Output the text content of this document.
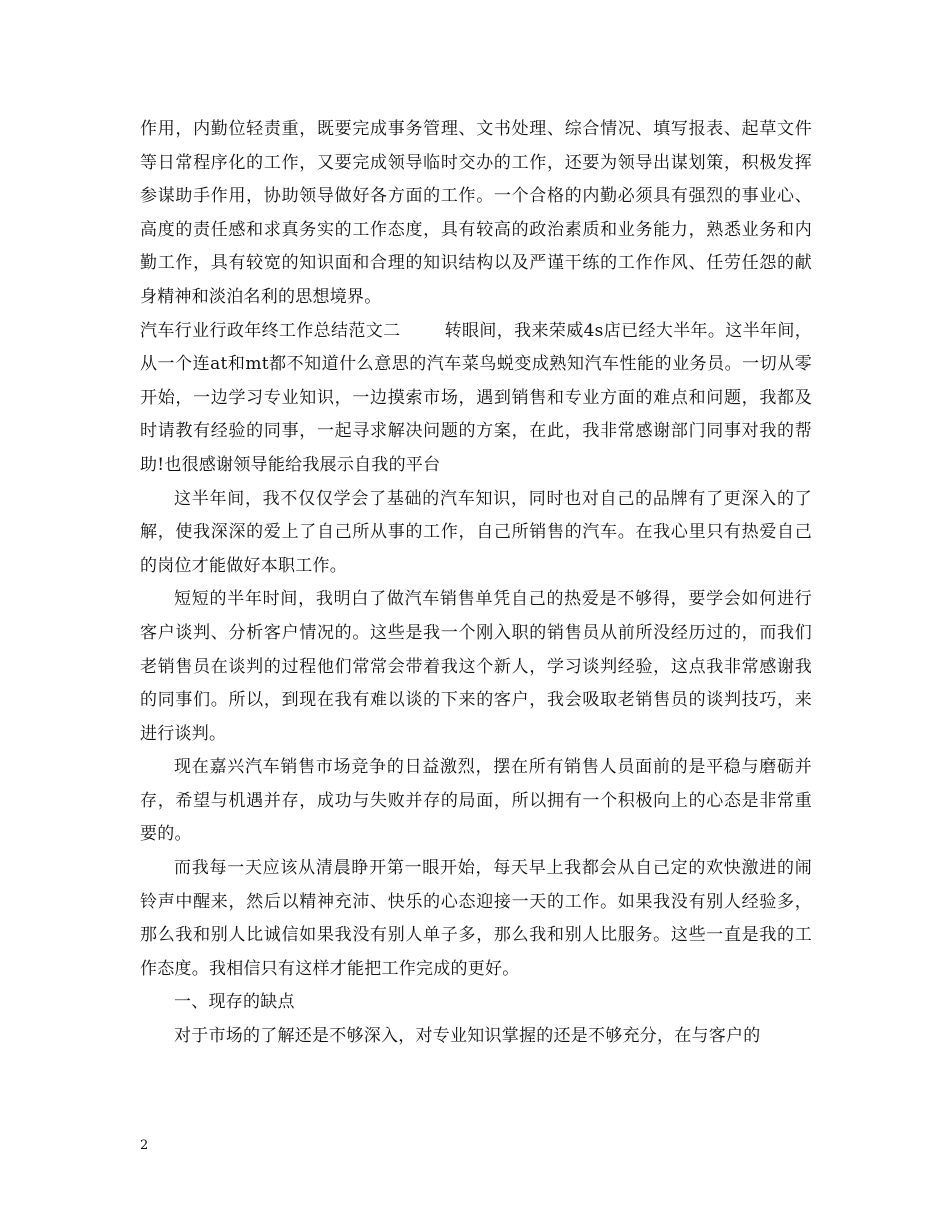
作用，内勤位轻责重，既要完成事务管理、文书处理、综合情况、填写报表、起草文件等日常程序化的工作，又要完成领导临时交办的工作，还要为领导出谋划策，积极发挥参谋助手作用，协助领导做好各方面的工作。一个合格的内勤必须具有强烈的事业心、高度的责任感和求真务实的工作态度，具有较高的政治素质和业务能力，熟悉业务和内勤工作，具有较宽的知识面和合理的知识结构以及严谨干练的工作作风、任劳任怨的献身精神和淡泊名利的思想境界。

汽车行业行政年终工作总结范文二	转眼间，我来荣威4s店已经大半年。这半年间，从一个连at和mt都不知道什么意思的汽车菜鸟蜕变成熟知汽车性能的业务员。一切从零开始，一边学习专业知识，一边摸索市场，遇到销售和专业方面的难点和问题，我都及时请教有经验的同事，一起寻求解决问题的方案，在此，我非常感谢部门同事对我的帮助!也很感谢领导能给我展示自我的平台

这半年间，我不仅仅学会了基础的汽车知识，同时也对自己的品牌有了更深入的了解，使我深深的爱上了自己所从事的工作，自己所销售的汽车。在我心里只有热爱自己的岗位才能做好本职工作。

短短的半年时间，我明白了做汽车销售单凭自己的热爱是不够得，要学会如何进行客户谈判、分析客户情况的。这些是我一个刚入职的销售员从前所没经历过的，而我们老销售员在谈判的过程他们常常会带着我这个新人，学习谈判经验，这点我非常感谢我的同事们。所以，到现在我有难以谈的下来的客户，我会吸取老销售员的谈判技巧，来进行谈判。

现在嘉兴汽车销售市场竞争的日益激烈，摆在所有销售人员面前的是平稳与磨砺并存，希望与机遇并存，成功与失败并存的局面，所以拥有一个积极向上的心态是非常重要的。

而我每一天应该从清晨睁开第一眼开始，每天早上我都会从自己定的欢快激进的闹铃声中醒来，然后以精神充沛、快乐的心态迎接一天的工作。如果我没有别人经验多，那么我和别人比诚信如果我没有别人单子多，那么我和别人比服务。这些一直是我的工作态度。我相信只有这样才能把工作完成的更好。

一、现存的缺点

对于市场的了解还是不够深入，对专业知识掌握的还是不够充分，在与客户的

2
